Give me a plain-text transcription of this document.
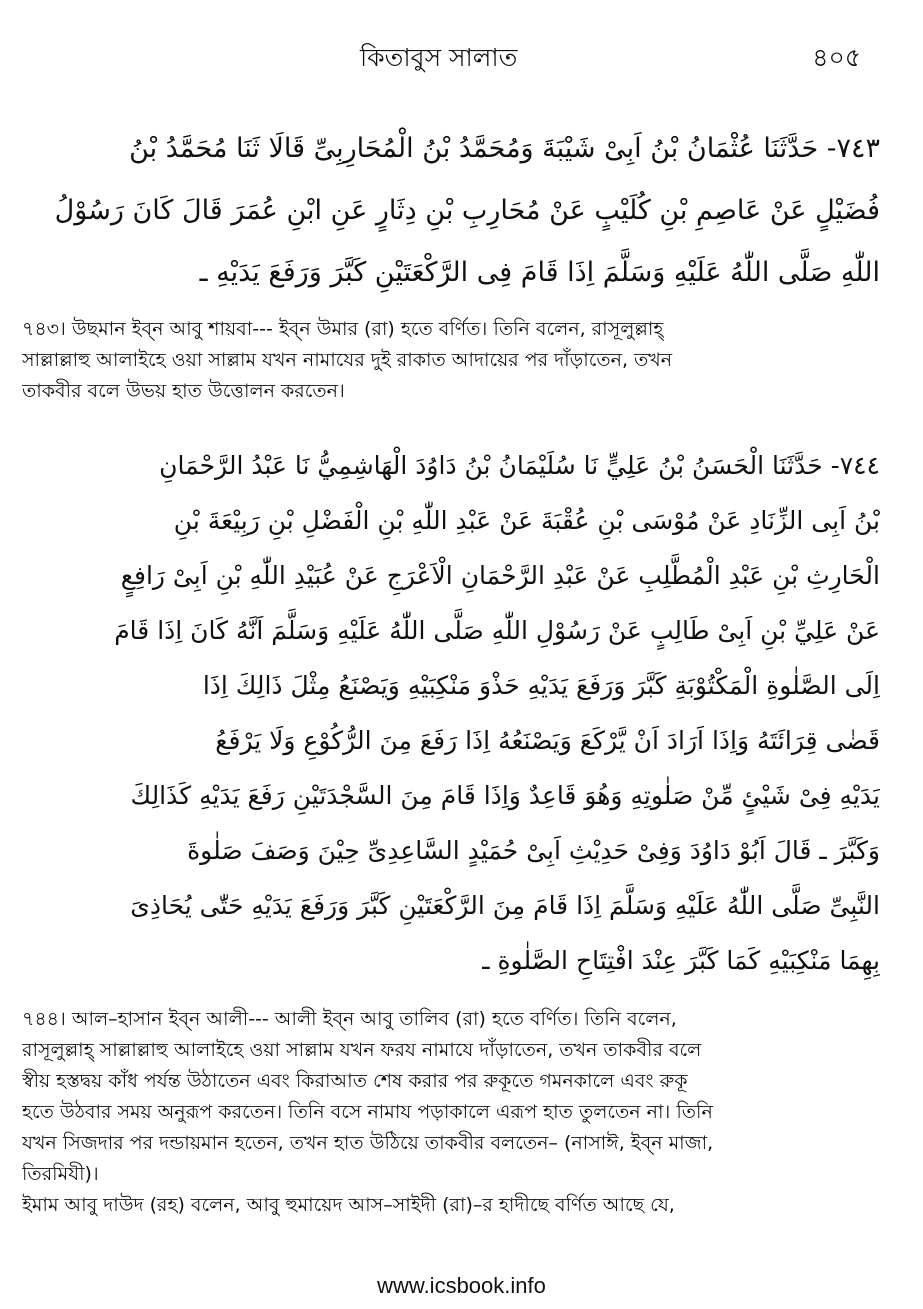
কিতাবুস সালাত	৪০৫
٧٤٣- حَدَّثَنَا عُثْمَانُ بْنُ اَبِىْ شَيْبَةَ وَمُحَمَّدُ بْنُ الْمُحَارِبِىِّ قَالَا ثَنَا مُحَمَّدُ بْنُ
فُضَيْلٍ عَنْ عَاصِمِ بْنِ كُلَيْبٍ عَنْ مُحَارِبِ بْنِ دِثَارٍ عَنِ ابْنِ عُمَرَ قَالَ كَانَ رَسُوْلُ
اللّٰهِ صَلَّى اللّٰهُ عَلَيْهِ وَسَلَّمَ اِذَا قَامَ فِى الرَّكْعَتَيْنِ كَبَّرَ وَرَفَعَ يَدَيْهِ ـ
৭৪৩। উছমান ইব্‌ন আবু শায়বা--- ইব্‌ন উমার (রা) হতে বর্ণিত। তিনি বলেন, রাসূলুল্লাহ্
সাল্লাল্লাহু আলাইহে ওয়া সাল্লাম যখন নামাযের দুই রাকাত আদায়ের পর দাঁড়াতেন, তখন
তাকবীর বলে উভয় হাত উত্তোলন করতেন।
٧٤٤- حَدَّثَنَا الْحَسَنُ بْنُ عَلِيٍّ نَا سُلَيْمَانُ بْنُ دَاوُدَ الْهَاشِمِيُّ نَا عَبْدُ الرَّحْمَانِ
بْنُ اَبِى الزِّنَادِ عَنْ مُوْسَى بْنِ عُقْبَةَ عَنْ عَبْدِ اللّٰهِ بْنِ الْفَضْلِ بْنِ رَبِيْعَةَ بْنِ
الْحَارِثِ بْنِ عَبْدِ الْمُطَّلِبِ عَنْ عَبْدِ الرَّحْمَانِ الْاَعْرَجِ عَنْ عُبَيْدِ اللّٰهِ بْنِ اَبِىْ رَافِعٍ
عَنْ عَلِيِّ بْنِ اَبِىْ طَالِبٍ عَنْ رَسُوْلِ اللّٰهِ صَلَّى اللّٰهُ عَلَيْهِ وَسَلَّمَ اَنَّهُ كَانَ اِذَا قَامَ
اِلَى الصَّلٰوةِ الْمَكْتُوْبَةِ كَبَّرَ وَرَفَعَ يَدَيْهِ حَذْوَ مَنْكِبَيْهِ وَيَصْنَعُ مِثْلَ ذَالِكَ اِذَا
قَضٰى قِرَائَتَهُ وَاِذَا اَرَادَ اَنْ يَّرْكَعَ وَيَصْنَعُهُ اِذَا رَفَعَ مِنَ الرُّكُوْعِ وَلَا يَرْفَعُ
يَدَيْهِ فِىْ شَيْئٍ مِّنْ صَلٰوتِهِ وَهُوَ قَاعِدٌ وَاِذَا قَامَ مِنَ السَّجْدَتَيْنِ رَفَعَ يَدَيْهِ كَذَالِكَ
وَكَبَّرَ ـ قَالَ اَبُوْ دَاوُدَ وَفِىْ حَدِيْثِ اَبِىْ حُمَيْدٍ السَّاعِدِىِّ حِيْنَ وَصَفَ صَلٰوةَ
النَّبِىِّ صَلَّى اللّٰهُ عَلَيْهِ وَسَلَّمَ اِذَا قَامَ مِنَ الرَّكْعَتَيْنِ كَبَّرَ وَرَفَعَ يَدَيْهِ حَتّٰى يُحَاذِىَ
بِهِمَا مَنْكِبَيْهِ كَمَا كَبَّرَ عِنْدَ افْتِتَاحِ الصَّلٰوةِ ـ
৭৪৪। আল–হাসান ইব্‌ন আলী--- আলী ইব্‌ন আবু তালিব (রা) হতে বর্ণিত। তিনি বলেন,
রাসূলুল্লাহ্ সাল্লাল্লাহু আলাইহে ওয়া সাল্লাম যখন ফরয নামাযে দাঁড়াতেন, তখন তাকবীর বলে
স্বীয় হস্তদ্বয় কাঁধ পর্যন্ত উঠাতেন এবং কিরাআত শেষ করার পর রুকূতে গমনকালে এবং রুকূ
হতে উঠবার সময় অনুরূপ করতেন। তিনি বসে নামায পড়াকালে এরূপ হাত তুলতেন না। তিনি
যখন সিজদার পর দন্ডায়মান হতেন, তখন হাত উঠিয়ে তাকবীর বলতেন– (নাসাঈ, ইব্‌ন মাজা,
তিরমিযী)।
ইমাম আবু দাউদ (রহ) বলেন, আবু হুমায়েদ আস–সাইদী (রা)–র হাদীছে বর্ণিত আছে যে,
www.icsbook.info
